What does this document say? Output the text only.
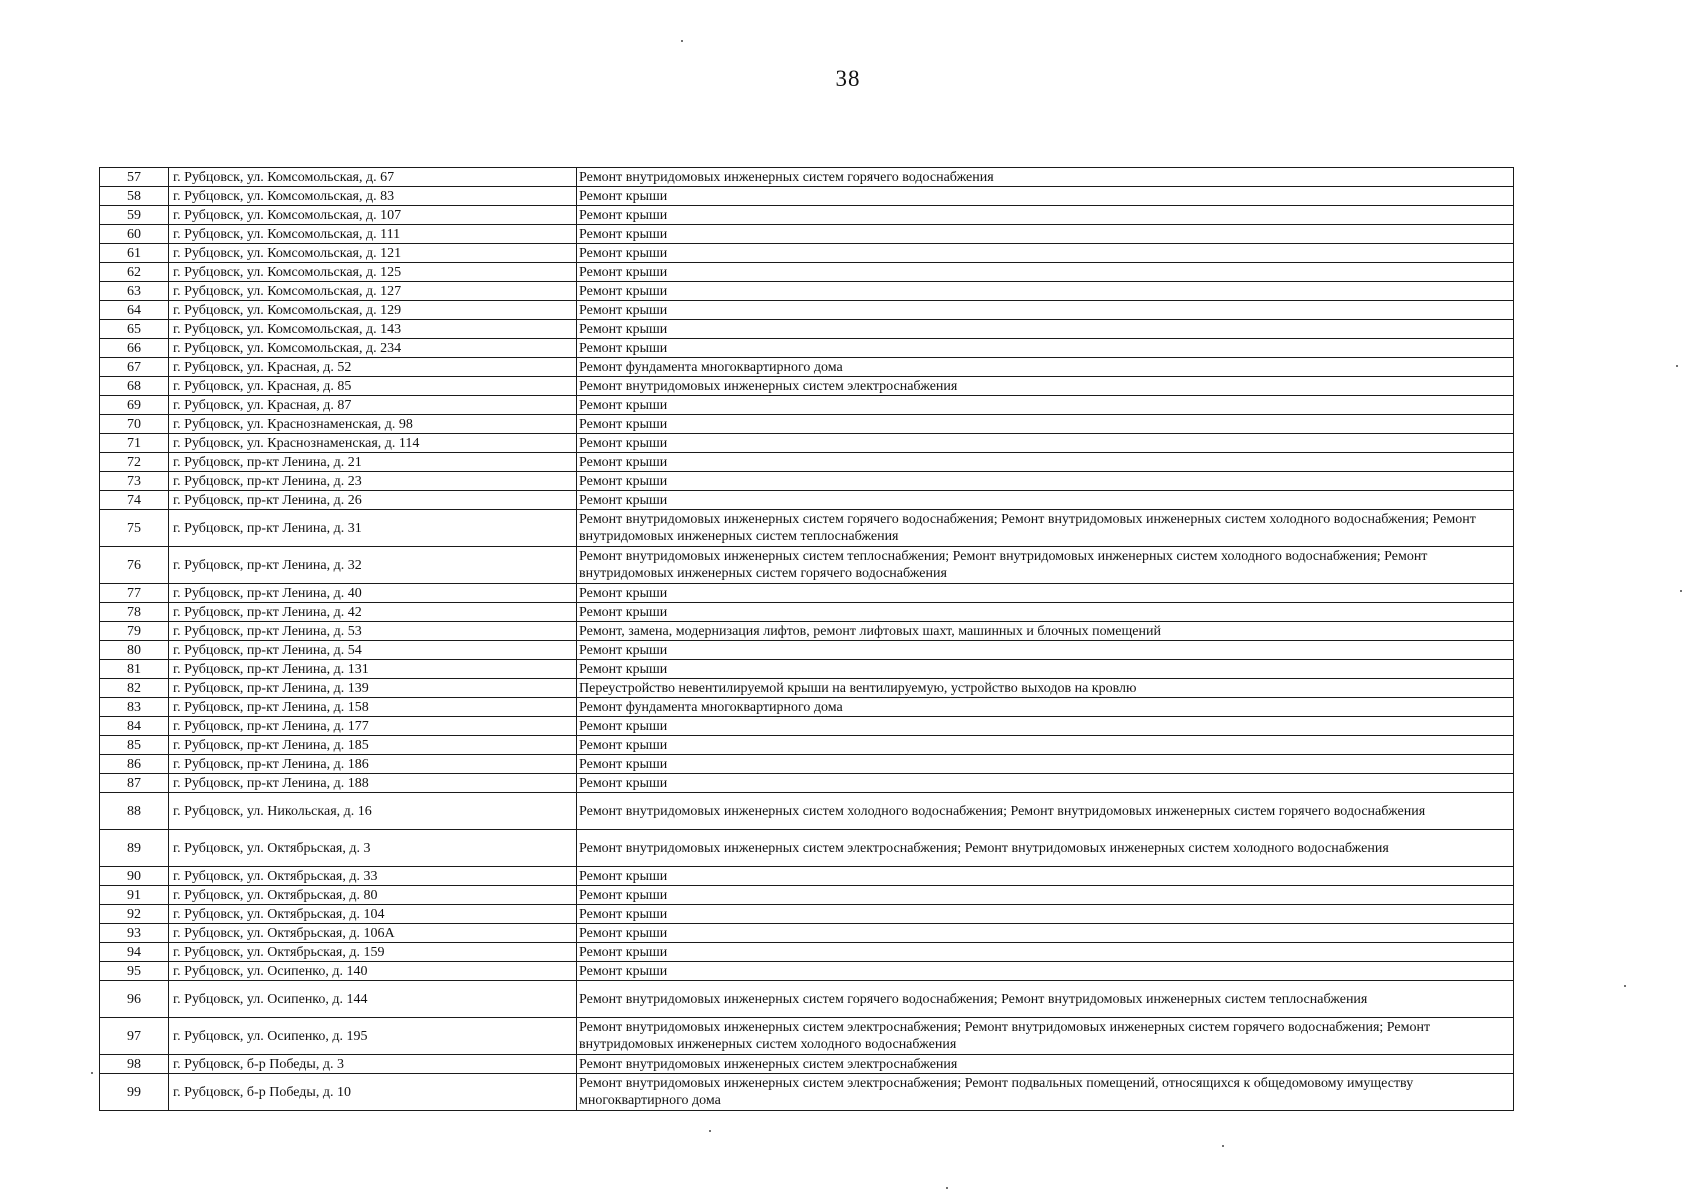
38
57	г. Рубцовск, ул. Комсомольская, д. 67	Ремонт внутридомовых инженерных систем горячего водоснабжения
58	г. Рубцовск, ул. Комсомольская, д. 83	Ремонт крыши
59	г. Рубцовск, ул. Комсомольская, д. 107	Ремонт крыши
60	г. Рубцовск, ул. Комсомольская, д. 111	Ремонт крыши
61	г. Рубцовск, ул. Комсомольская, д. 121	Ремонт крыши
62	г. Рубцовск, ул. Комсомольская, д. 125	Ремонт крыши
63	г. Рубцовск, ул. Комсомольская, д. 127	Ремонт крыши
64	г. Рубцовск, ул. Комсомольская, д. 129	Ремонт крыши
65	г. Рубцовск, ул. Комсомольская, д. 143	Ремонт крыши
66	г. Рубцовск, ул. Комсомольская, д. 234	Ремонт крыши
67	г. Рубцовск, ул. Красная, д. 52	Ремонт фундамента многоквартирного дома
68	г. Рубцовск, ул. Красная, д. 85	Ремонт внутридомовых инженерных систем электроснабжения
69	г. Рубцовск, ул. Красная, д. 87	Ремонт крыши
70	г. Рубцовск, ул. Краснознаменская, д. 98	Ремонт крыши
71	г. Рубцовск, ул. Краснознаменская, д. 114	Ремонт крыши
72	г. Рубцовск, пр-кт Ленина, д. 21	Ремонт крыши
73	г. Рубцовск, пр-кт Ленина, д. 23	Ремонт крыши
74	г. Рубцовск, пр-кт Ленина, д. 26	Ремонт крыши
75	г. Рубцовск, пр-кт Ленина, д. 31	Ремонт внутридомовых инженерных систем горячего водоснабжения; Ремонт внутридомовых инженерных систем холодного водоснабжения; Ремонт внутридомовых инженерных систем теплоснабжения
76	г. Рубцовск, пр-кт Ленина, д. 32	Ремонт внутридомовых инженерных систем теплоснабжения; Ремонт внутридомовых инженерных систем холодного водоснабжения; Ремонт внутридомовых инженерных систем горячего водоснабжения
77	г. Рубцовск, пр-кт Ленина, д. 40	Ремонт крыши
78	г. Рубцовск, пр-кт Ленина, д. 42	Ремонт крыши
79	г. Рубцовск, пр-кт Ленина, д. 53	Ремонт, замена, модернизация лифтов, ремонт лифтовых шахт, машинных и блочных помещений
80	г. Рубцовск, пр-кт Ленина, д. 54	Ремонт крыши
81	г. Рубцовск, пр-кт Ленина, д. 131	Ремонт крыши
82	г. Рубцовск, пр-кт Ленина, д. 139	Переустройство невентилируемой крыши на вентилируемую, устройство выходов на кровлю
83	г. Рубцовск, пр-кт Ленина, д. 158	Ремонт фундамента многоквартирного дома
84	г. Рубцовск, пр-кт Ленина, д. 177	Ремонт крыши
85	г. Рубцовск, пр-кт Ленина, д. 185	Ремонт крыши
86	г. Рубцовск, пр-кт Ленина, д. 186	Ремонт крыши
87	г. Рубцовск, пр-кт Ленина, д. 188	Ремонт крыши
88	г. Рубцовск, ул. Никольская, д. 16	Ремонт внутридомовых инженерных систем холодного водоснабжения; Ремонт внутридомовых инженерных систем горячего водоснабжения
89	г. Рубцовск, ул. Октябрьская, д. 3	Ремонт внутридомовых инженерных систем электроснабжения; Ремонт внутридомовых инженерных систем холодного водоснабжения
90	г. Рубцовск, ул. Октябрьская, д. 33	Ремонт крыши
91	г. Рубцовск, ул. Октябрьская, д. 80	Ремонт крыши
92	г. Рубцовск, ул. Октябрьская, д. 104	Ремонт крыши
93	г. Рубцовск, ул. Октябрьская, д. 106А	Ремонт крыши
94	г. Рубцовск, ул. Октябрьская, д. 159	Ремонт крыши
95	г. Рубцовск, ул. Осипенко, д. 140	Ремонт крыши
96	г. Рубцовск, ул. Осипенко, д. 144	Ремонт внутридомовых инженерных систем горячего водоснабжения; Ремонт внутридомовых инженерных систем теплоснабжения
97	г. Рубцовск, ул. Осипенко, д. 195	Ремонт внутридомовых инженерных систем электроснабжения; Ремонт внутридомовых инженерных систем горячего водоснабжения; Ремонт внутридомовых инженерных систем холодного водоснабжения
98	г. Рубцовск, б-р Победы, д. 3	Ремонт внутридомовых инженерных систем электроснабжения
99	г. Рубцовск, б-р Победы, д. 10	Ремонт внутридомовых инженерных систем электроснабжения; Ремонт подвальных помещений, относящихся к общедомовому имуществу многоквартирного дома
